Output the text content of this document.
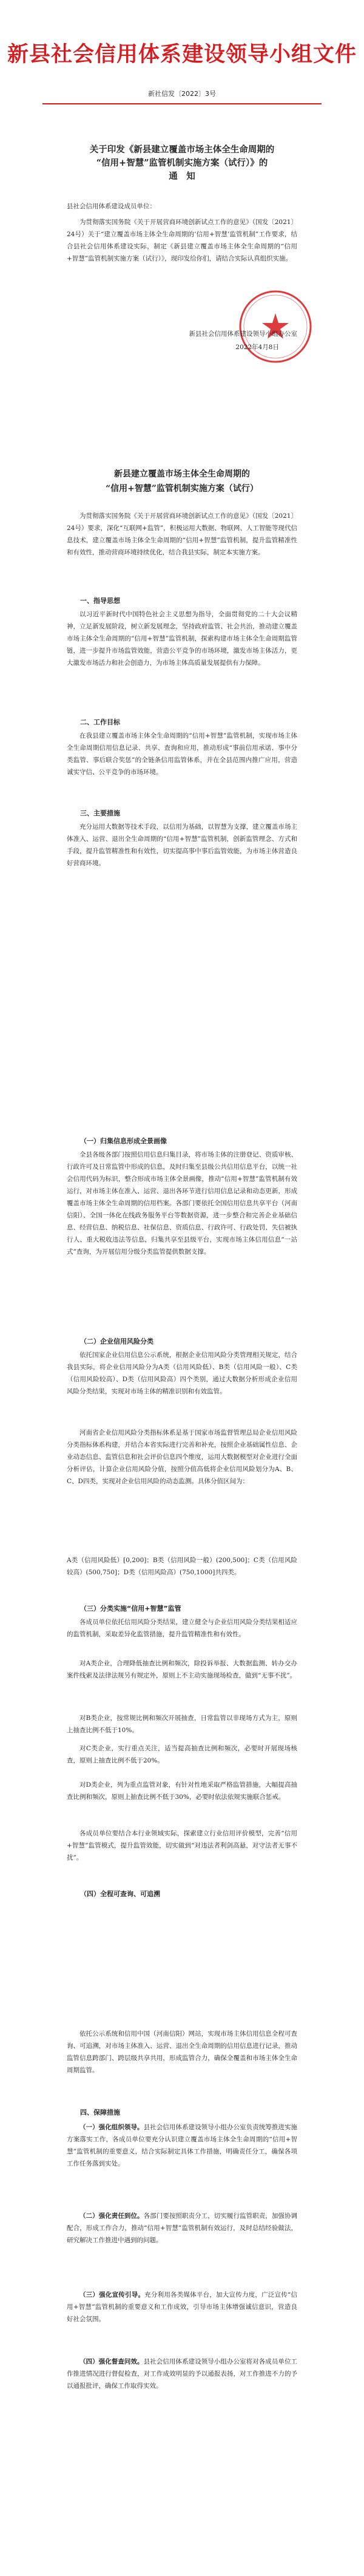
新县社会信用体系建设领导小组文件
新社信发〔2022〕3号
关于印发《新县建立覆盖市场主体全生命周期的
“信用+智慧”监管机制实施方案（试行）》的
通　知
县社会信用体系建设成员单位：
为贯彻落实国务院《关于开展营商环境创新试点工作的意见》（国发〔2021〕24号）关于“建立覆盖市场主体全生命周期的‘信用+智慧’监管机制”工作要求，结合县社会信用体系建设实际，制定《新县建立覆盖市场主体全生命周期的“信用+智慧”监管机制实施方案（试行）》，现印发给你们，请结合实际认真组织实施。
新县社会信用体系建设领导小组办公室
2022年4月8日
新县建立覆盖市场主体全生命周期的
“信用+智慧”监管机制实施方案（试行）
为贯彻落实国务院《关于开展营商环境创新试点工作的意见》（国发〔2021〕24号）要求，深化“互联网+监管”，积极运用大数据、物联网、人工智能等现代信息技术，建立覆盖市场主体全生命周期的“信用+智慧”监管机制，提升监管精准性和有效性，推动营商环境持续优化，结合我县实际，制定本实施方案。
一、指导思想
以习近平新时代中国特色社会主义思想为指导，全面贯彻党的二十大会议精神，立足新发展阶段，树立新发展理念，坚持政府监管、社会共治，推动建立覆盖市场主体全生命周期的“信用+智慧”监管机制，探索构建市场主体全生命周期监管链，进一步提升市场监管效能，营造公平竞争的市场环境，激发市场主体活力，更大激发市场活力和社会创造力，为市场主体高质量发展提供有力保障。
二、工作目标
在我县建立覆盖市场主体全生命周期的“信用+智慧”监管机制，实现市场主体全生命周期信用信息记录、共享、查询和应用，推动形成“事前信用承诺、事中分类监管、事后联合奖惩”的全链条信用监管体系，并在全县范围内推广应用，营造诚实守信、公平竞争的市场环境。
三、主要措施
充分运用大数据等技术手段，以信用为基础，以智慧为支撑，建立覆盖市场主体准入、运营、退出全生命周期的“信用+智慧”监管机制，创新监管理念、方式和手段，提升监管精准性和有效性，切实提高事中事后监管效能，为市场主体营造良好营商环境。
（一）归集信息形成全景画像
全县各级各部门按照信用信息归集目录，将市场主体的注册登记、资质审核、行政许可及日常监管中形成的信息，及时归集至县级公共信用信息平台，以统一社会信用代码为标识，整合形成市场主体全景画像，推动“信用+智慧”监管机制有效运行，对市场主体在准入、运营、退出各环节进行信用信息记录和动态更新，形成覆盖市场主体全生命周期的信用档案。各部门要依托全国信用信息共享平台（河南信阳）、全国一体化在线政务服务平台等数据资源，进一步整合和完善企业基础信息、经营信息、纳税信息、社保信息、资质信息、行政许可、行政处罚、失信被执行人、重大税收违法等信息，归集共享至县级平台，实现市场主体信用信息“一站式”查询，为开展信用分级分类监管提供数据支撑。
（二）企业信用风险分类
依托国家企业信用信息公示系统，根据企业信用风险分类管理相关规定，结合我县实际，将企业信用风险分为A类（信用风险低）、B类（信用风险一般）、C类（信用风险较高）、D类（信用风险高）四个类别，通过大数据分析形成企业信用风险分类结果，实现对市场主体的精准识别和有效监管。
河南省企业信用风险分类指标体系是基于国家市场监督管理总局企业信用风险分类指标体系构建，并结合本省实际进行完善和补充，按照企业基础属性信息、企业动态信息、监管信息和社会评价信息四个维度，运用大数据模型对企业进行全面分析评估，计算企业信用风险分值，按照分值高低将企业信用风险划分为A、B、C、D四类，实现对企业信用风险的动态监测。具体分值区间为：
A类（信用风险低）[0,200]；B类（信用风险一般）(200,500]；C类（信用风险较高）(500,750]；D类（信用风险高）(750,1000]共四类。
（三）分类实施“信用+智慧”监管
各成员单位依托信用风险分类结果，建立健全与企业信用风险分类结果相适应的监管机制，采取差异化监管措施，提升监管精准性和有效性。
对A类企业，合理降低抽查比例和频次，除投诉举报、大数据监测、转办交办案件线索及法律法规另有规定外，原则上不主动实施现场检查，做到“无事不扰”。
对B类企业，按常规比例和频次开展抽查，日常监管以非现场方式为主，原则上抽查比例不低于10%。
对C类企业，实行重点关注，适当提高抽查比例和频次，必要时开展现场核查，原则上抽查比例不低于20%。
对D类企业，列为重点监管对象，有针对性地采取严格监管措施，大幅提高抽查比例和频次，原则上抽查比例不低于30%，必要时依法依规实施联合惩戒。
各成员单位要结合本行业领域实际，探索建立行业信用评价模型，完善“信用+智慧”监管模式，提升监管效能，切实做到“对违法者利剑高悬，对守法者无事不扰”。
（四）全程可查询、可追溯
依托公示系统和信用中国（河南信阳）网站，实现市场主体信用信息全程可查询、可追溯，对市场主体准入、运营、退出全生命周期的信用信息进行记录，推动监管信息跨部门、跨层级共享共用，形成监管合力，确保全覆盖和市场主体全生命周期监管。
四、保障措施
（一）强化组织领导。县社会信用体系建设领导小组办公室负责统筹推进实施方案落实工作，各成员单位要充分认识建立覆盖市场主体全生命周期的“信用+智慧”监管机制的重要意义，结合实际制定具体工作措施，明确责任分工，确保各项工作任务落到实处。
（二）强化责任到位。各部门要按照职责分工，切实履行监管职责，加强协调配合，形成工作合力，推动“信用+智慧”监管机制有效运行，及时总结经验做法，研究解决工作推进中遇到的问题。
（三）强化宣传引导。充分利用各类媒体平台，加大宣传力度，广泛宣传“信用+智慧”监管机制的重要意义和工作成效，引导市场主体增强诚信意识，营造良好社会氛围。
（四）强化督查问效。县社会信用体系建设领导小组办公室将对各成员单位工作推进情况进行督促检查，对工作成效明显的予以通报表扬，对工作推进不力的予以通报批评，确保工作取得实效。
